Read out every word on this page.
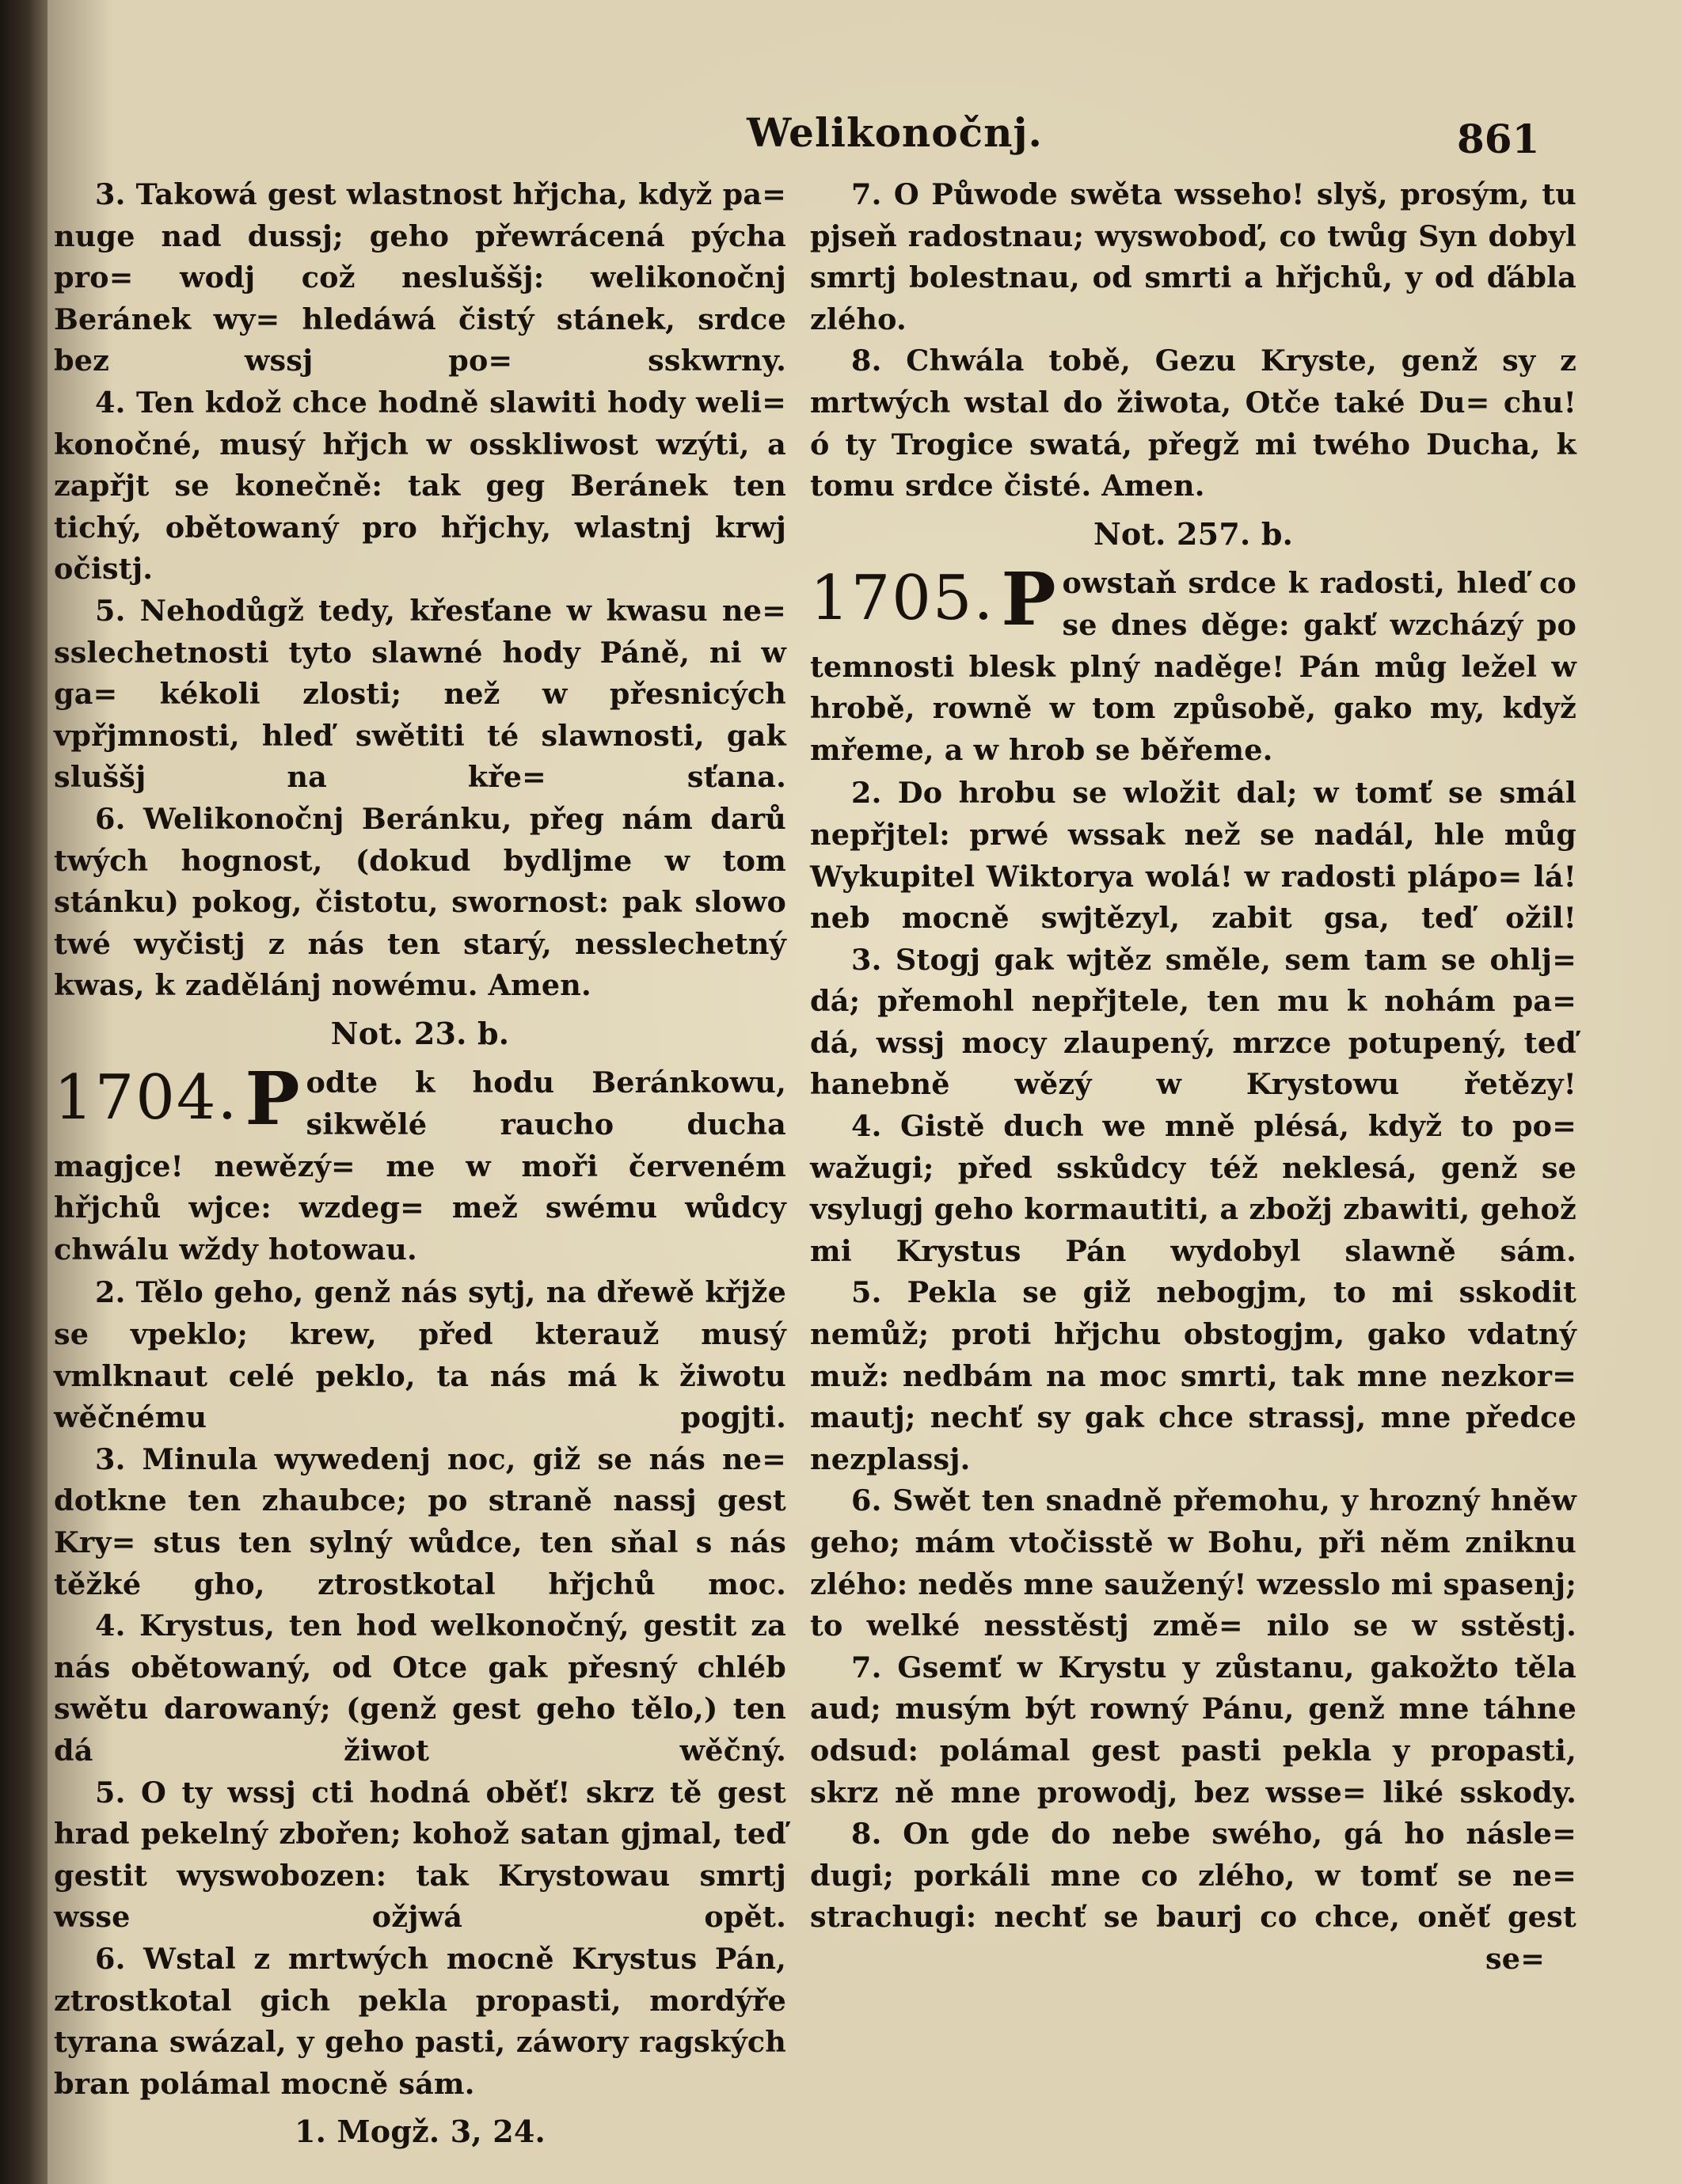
Welikonočnj.	861

3. Takowá gest wlastnost hřjcha, když pa= nuge nad dussj; geho přewrácená pýcha pro= wodj což nesluššj: welikonočnj Beránek wy= hledáwá čistý stánek, srdce bez wssj po= sskwrny.

4. Ten kdož chce hodně slawiti hody weli= konočné, musý hřjch w osskliwost wzýti, a zapřjt se konečně: tak geg Beránek ten tichý, obětowaný pro hřjchy, wlastnj krwj očistj.

5. Nehodůgž tedy, křesťane w kwasu ne= sslechetnosti tyto slawné hody Páně, ni w ga= kékoli zlosti; než w přesnicých vpřjmnosti, hleď swětiti té slawnosti, gak sluššj na kře= sťana.

6. Welikonočnj Beránku, přeg nám darů twých hognost, (dokud bydljme w tom stánku) pokog, čistotu, swornost: pak slowo twé wyčistj z nás ten starý, nesslechetný kwas, k zadělánj nowému. Amen.

Not. 23. b.

1704. P odte k hodu Beránkowu, sikwělé raucho ducha magjce! newězý= me w moři červeném hřjchů wjce: wzdeg= mež swému wůdcy chwálu wždy hotowau.

2. Tělo geho, genž nás sytj, na dřewě křjže se vpeklo; krew, před kterauž musý vmlknaut celé peklo, ta nás má k žiwotu wěčnému pogjti.

3. Minula wywedenj noc, giž se nás ne= dotkne ten zhaubce; po straně nassj gest Kry= stus ten sylný wůdce, ten sňal s nás těžké gho, ztrostkotal hřjchů moc.

4. Krystus, ten hod welkonočný, gestit za nás obětowaný, od Otce gak přesný chléb swětu darowaný; (genž gest geho tělo,) ten dá žiwot wěčný.

5. O ty wssj cti hodná oběť! skrz tě gest hrad pekelný zbořen; kohož satan gjmal, teď gestit wyswobozen: tak Krystowau smrtj wsse ožjwá opět.

6. Wstal z mrtwých mocně Krystus Pán, ztrostkotal gich pekla propasti, mordýře tyrana swázal, y geho pasti, záwory ragských bran polámal mocně sám.

1. Mogž. 3, 24.

7. O Půwode swěta wsseho! slyš, prosým, tu pjseň radostnau; wyswoboď, co twůg Syn dobyl smrtj bolestnau, od smrti a hřjchů, y od ďábla zlého.

8. Chwála tobě, Gezu Kryste, genž sy z mrtwých wstal do žiwota, Otče také Du= chu! ó ty Trogice swatá, přegž mi twého Ducha, k tomu srdce čisté. Amen.

Not. 257. b.

1705. P owstaň srdce k radosti, hleď co se dnes děge: gakť wzcházý po temnosti blesk plný naděge! Pán můg ležel w hrobě, rowně w tom způsobě, gako my, když mřeme, a w hrob se běřeme.

2. Do hrobu se wložit dal; w tomť se smál nepřjtel: prwé wssak než se nadál, hle můg Wykupitel Wiktorya wolá! w radosti plápo= lá! neb mocně swjtězyl, zabit gsa, teď ožil!

3. Stogj gak wjtěz směle, sem tam se ohlj= dá; přemohl nepřjtele, ten mu k nohám pa= dá, wssj mocy zlaupený, mrzce potupený, teď hanebně wězý w Krystowu řetězy!

4. Gistě duch we mně plésá, když to po= wažugi; před sskůdcy též neklesá, genž se vsylugj geho kormautiti, a zbožj zbawiti, gehož mi Krystus Pán wydobyl slawně sám.

5. Pekla se giž nebogjm, to mi sskodit nemůž; proti hřjchu obstogjm, gako vdatný muž: nedbám na moc smrti, tak mne nezkor= mautj; nechť sy gak chce strassj, mne předce nezplassj.

6. Swět ten snadně přemohu, y hrozný hněw geho; mám vtočisstě w Bohu, při něm zniknu zlého: neděs mne saužený! wzesslo mi spasenj; to welké nesstěstj změ= nilo se w sstěstj.

7. Gsemť w Krystu y zůstanu, gakožto těla aud; musým být rowný Pánu, genž mne táhne odsud: polámal gest pasti pekla y propasti, skrz ně mne prowodj, bez wsse= liké sskody.

8. On gde do nebe swého, gá ho násle= dugi; porkáli mne co zlého, w tomť se ne= strachugi: nechť se baurj co chce, oněť gest

se=
